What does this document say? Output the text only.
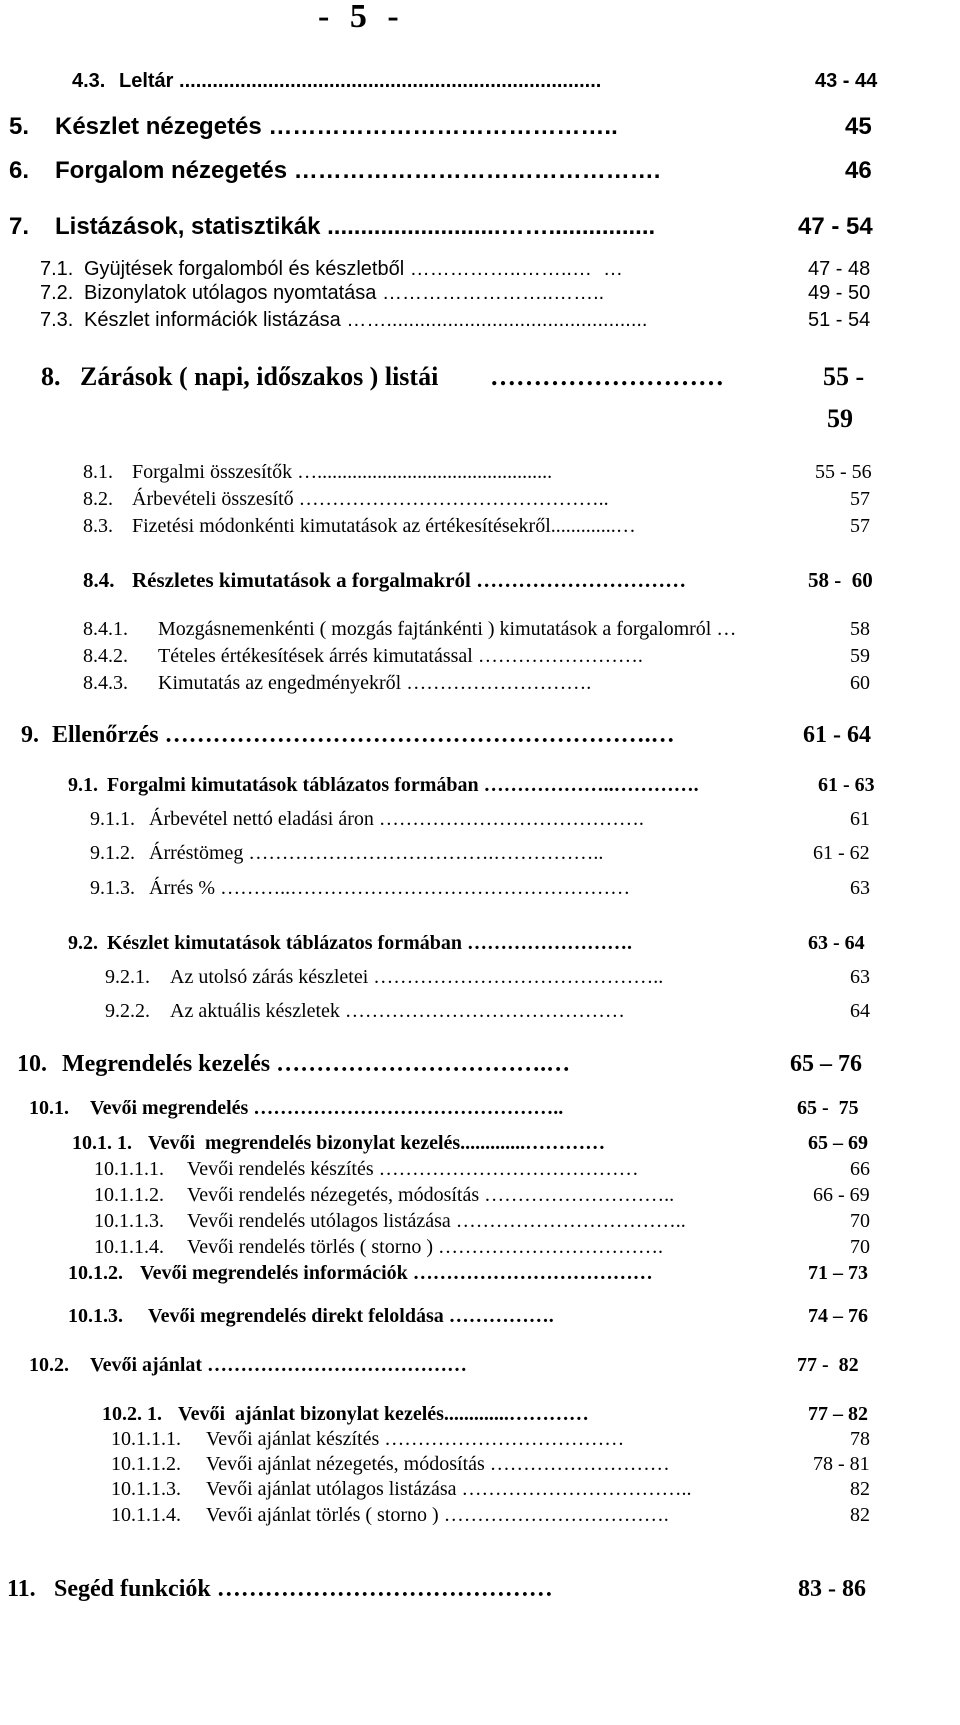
- 5 -
4.3. Leltár ............................................................................	43 - 44
5. Készlet nézegetés ……………………………………..	45
6. Forgalom nézegetés ……………………………………….	46
7. Listázások, statisztikák ..........................……................	47 - 54
7.1. Gyüjtések forgalomból és készletből ……………..……..…  …	47 - 48
7.2. Bizonylatok utólagos nyomtatása ……………………..……..	49 - 50
7.3. Készlet információk listázása ……...............................................	51 - 54
8. Zárások ( napi, időszakos ) listái ………………………	55 -
59
8.1. Forgalmi összesítők …...............................................	55 - 56
8.2. Árbevételi összesítő ………………………………………..	57
8.3. Fizetési módonkénti kimutatások az értékesítésekről.............…	57
8.4. Részletes kimutatások a forgalmakról …………………………	58 -  60
8.4.1. Mozgásnemenkénti ( mozgás fajtánkénti ) kimutatások a forgalomról …	58
8.4.2. Tételes értékesítések árrés kimutatással …………………….	59
8.4.3. Kimutatás az engedményekről ……………………….	60
9. Ellenőrzés …………………………………………………….…	61 - 64
9.1. Forgalmi kimutatások táblázatos formában ………………..………….	61 - 63
9.1.1. Árbevétel nettó eladási áron ………………………………….	61
9.1.2. Árréstömeg ……………………………….……………..	61 - 62
9.1.3. Árrés % ………..……………………………………………	63
9.2. Készlet kimutatások táblázatos formában …………………….	63 - 64
9.2.1. Az utolsó zárás készletei ……………………………………..	63
9.2.2. Az aktuális készletek ……………………………………	64
10. Megrendelés kezelés …………………………….…	65 – 76
10.1. Vevői megrendelés ………………………………………..	65 -  75
10.1. 1. Vevői  megrendelés bizonylat kezelés.............…………	65 – 69
10.1.1.1. Vevői rendelés készítés …………………………………	66
10.1.1.2. Vevői rendelés nézegetés, módosítás ………………………..	66 - 69
10.1.1.3. Vevői rendelés utólagos listázása ……………………………..	70
10.1.1.4. Vevői rendelés törlés ( storno ) …………………………….	70
10.1.2. Vevői megrendelés információk ………………………………	71 – 73
10.1.3. Vevői megrendelés direkt feloldása …………….	74 – 76
10.2. Vevői ajánlat …………………………………	77 -  82
10.2. 1. Vevői  ajánlat bizonylat kezelés.............…………	77 – 82
10.1.1.1. Vevői ajánlat készítés ………………………………	78
10.1.1.2. Vevői ajánlat nézegetés, módosítás ………………………	78 - 81
10.1.1.3. Vevői ajánlat utólagos listázása ……………………………..	82
10.1.1.4. Vevői ajánlat törlés ( storno ) …………………………….	82
11. Segéd funkciók ……………………………………	83 - 86
